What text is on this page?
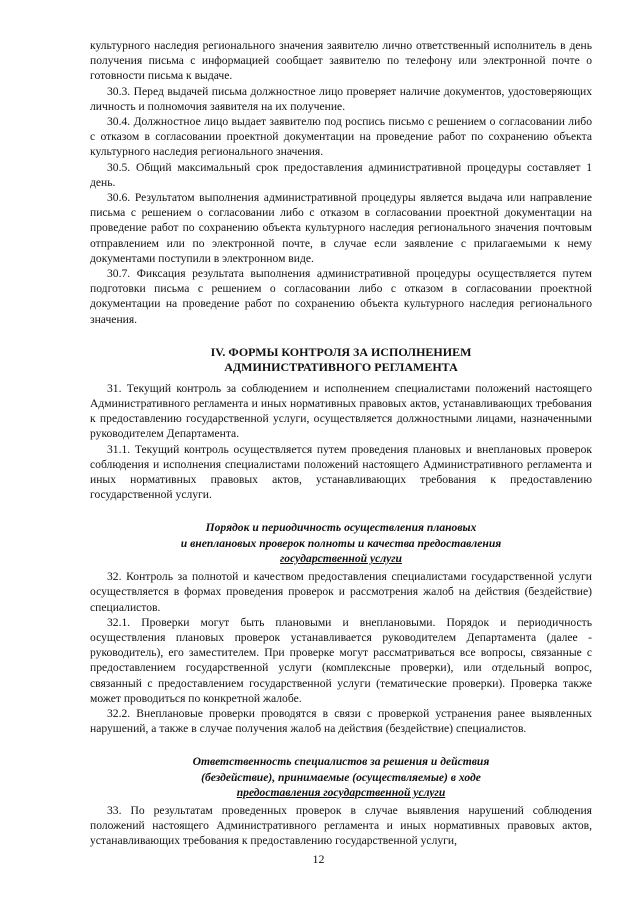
культурного наследия регионального значения заявителю лично ответственный исполнитель в день получения письма с информацией сообщает заявителю по телефону или электронной почте о готовности письма к выдаче.

30.3. Перед выдачей письма должностное лицо проверяет наличие документов, удостоверяющих личность и полномочия заявителя на их получение.

30.4. Должностное лицо выдает заявителю под роспись письмо с решением о согласовании либо с отказом в согласовании проектной документации на проведение работ по сохранению объекта культурного наследия регионального значения.

30.5. Общий максимальный срок предоставления административной процедуры составляет 1 день.

30.6. Результатом выполнения административной процедуры является выдача или направление письма с решением о согласовании либо с отказом в согласовании проектной документации на проведение работ по сохранению объекта культурного наследия регионального значения почтовым отправлением или по электронной почте, в случае если заявление с прилагаемыми к нему документами поступили в электронном виде.

30.7. Фиксация результата выполнения административной процедуры осуществляется путем подготовки письма с решением о согласовании либо с отказом в согласовании проектной документации на проведение работ по сохранению объекта культурного наследия регионального значения.

IV. ФОРМЫ КОНТРОЛЯ ЗА ИСПОЛНЕНИЕМ
АДМИНИСТРАТИВНОГО РЕГЛАМЕНТА

31. Текущий контроль за соблюдением и исполнением специалистами положений настоящего Административного регламента и иных нормативных правовых актов, устанавливающих требования к предоставлению государственной услуги, осуществляется должностными лицами, назначенными руководителем Департамента.

31.1. Текущий контроль осуществляется путем проведения плановых и внеплановых проверок соблюдения и исполнения специалистами положений настоящего Административного регламента и иных нормативных правовых актов, устанавливающих требования к предоставлению государственной услуги.

Порядок и периодичность осуществления плановых
и внеплановых проверок полноты и качества предоставления
государственной услуги

32. Контроль за полнотой и качеством предоставления специалистами государственной услуги осуществляется в формах проведения проверок и рассмотрения жалоб на действия (бездействие) специалистов.

32.1. Проверки могут быть плановыми и внеплановыми. Порядок и периодичность осуществления плановых проверок устанавливается руководителем Департамента (далее - руководитель), его заместителем. При проверке могут рассматриваться все вопросы, связанные с предоставлением государственной услуги (комплексные проверки), или отдельный вопрос, связанный с предоставлением государственной услуги (тематические проверки). Проверка также может проводиться по конкретной жалобе.

32.2. Внеплановые проверки проводятся в связи с проверкой устранения ранее выявленных нарушений, а также в случае получения жалоб на действия (бездействие) специалистов.

Ответственность специалистов за решения и действия
(бездействие), принимаемые (осуществляемые) в ходе
предоставления государственной услуги

33. По результатам проведенных проверок в случае выявления нарушений соблюдения положений настоящего Административного регламента и иных нормативных правовых актов, устанавливающих требования к предоставлению государственной услуги,

12
